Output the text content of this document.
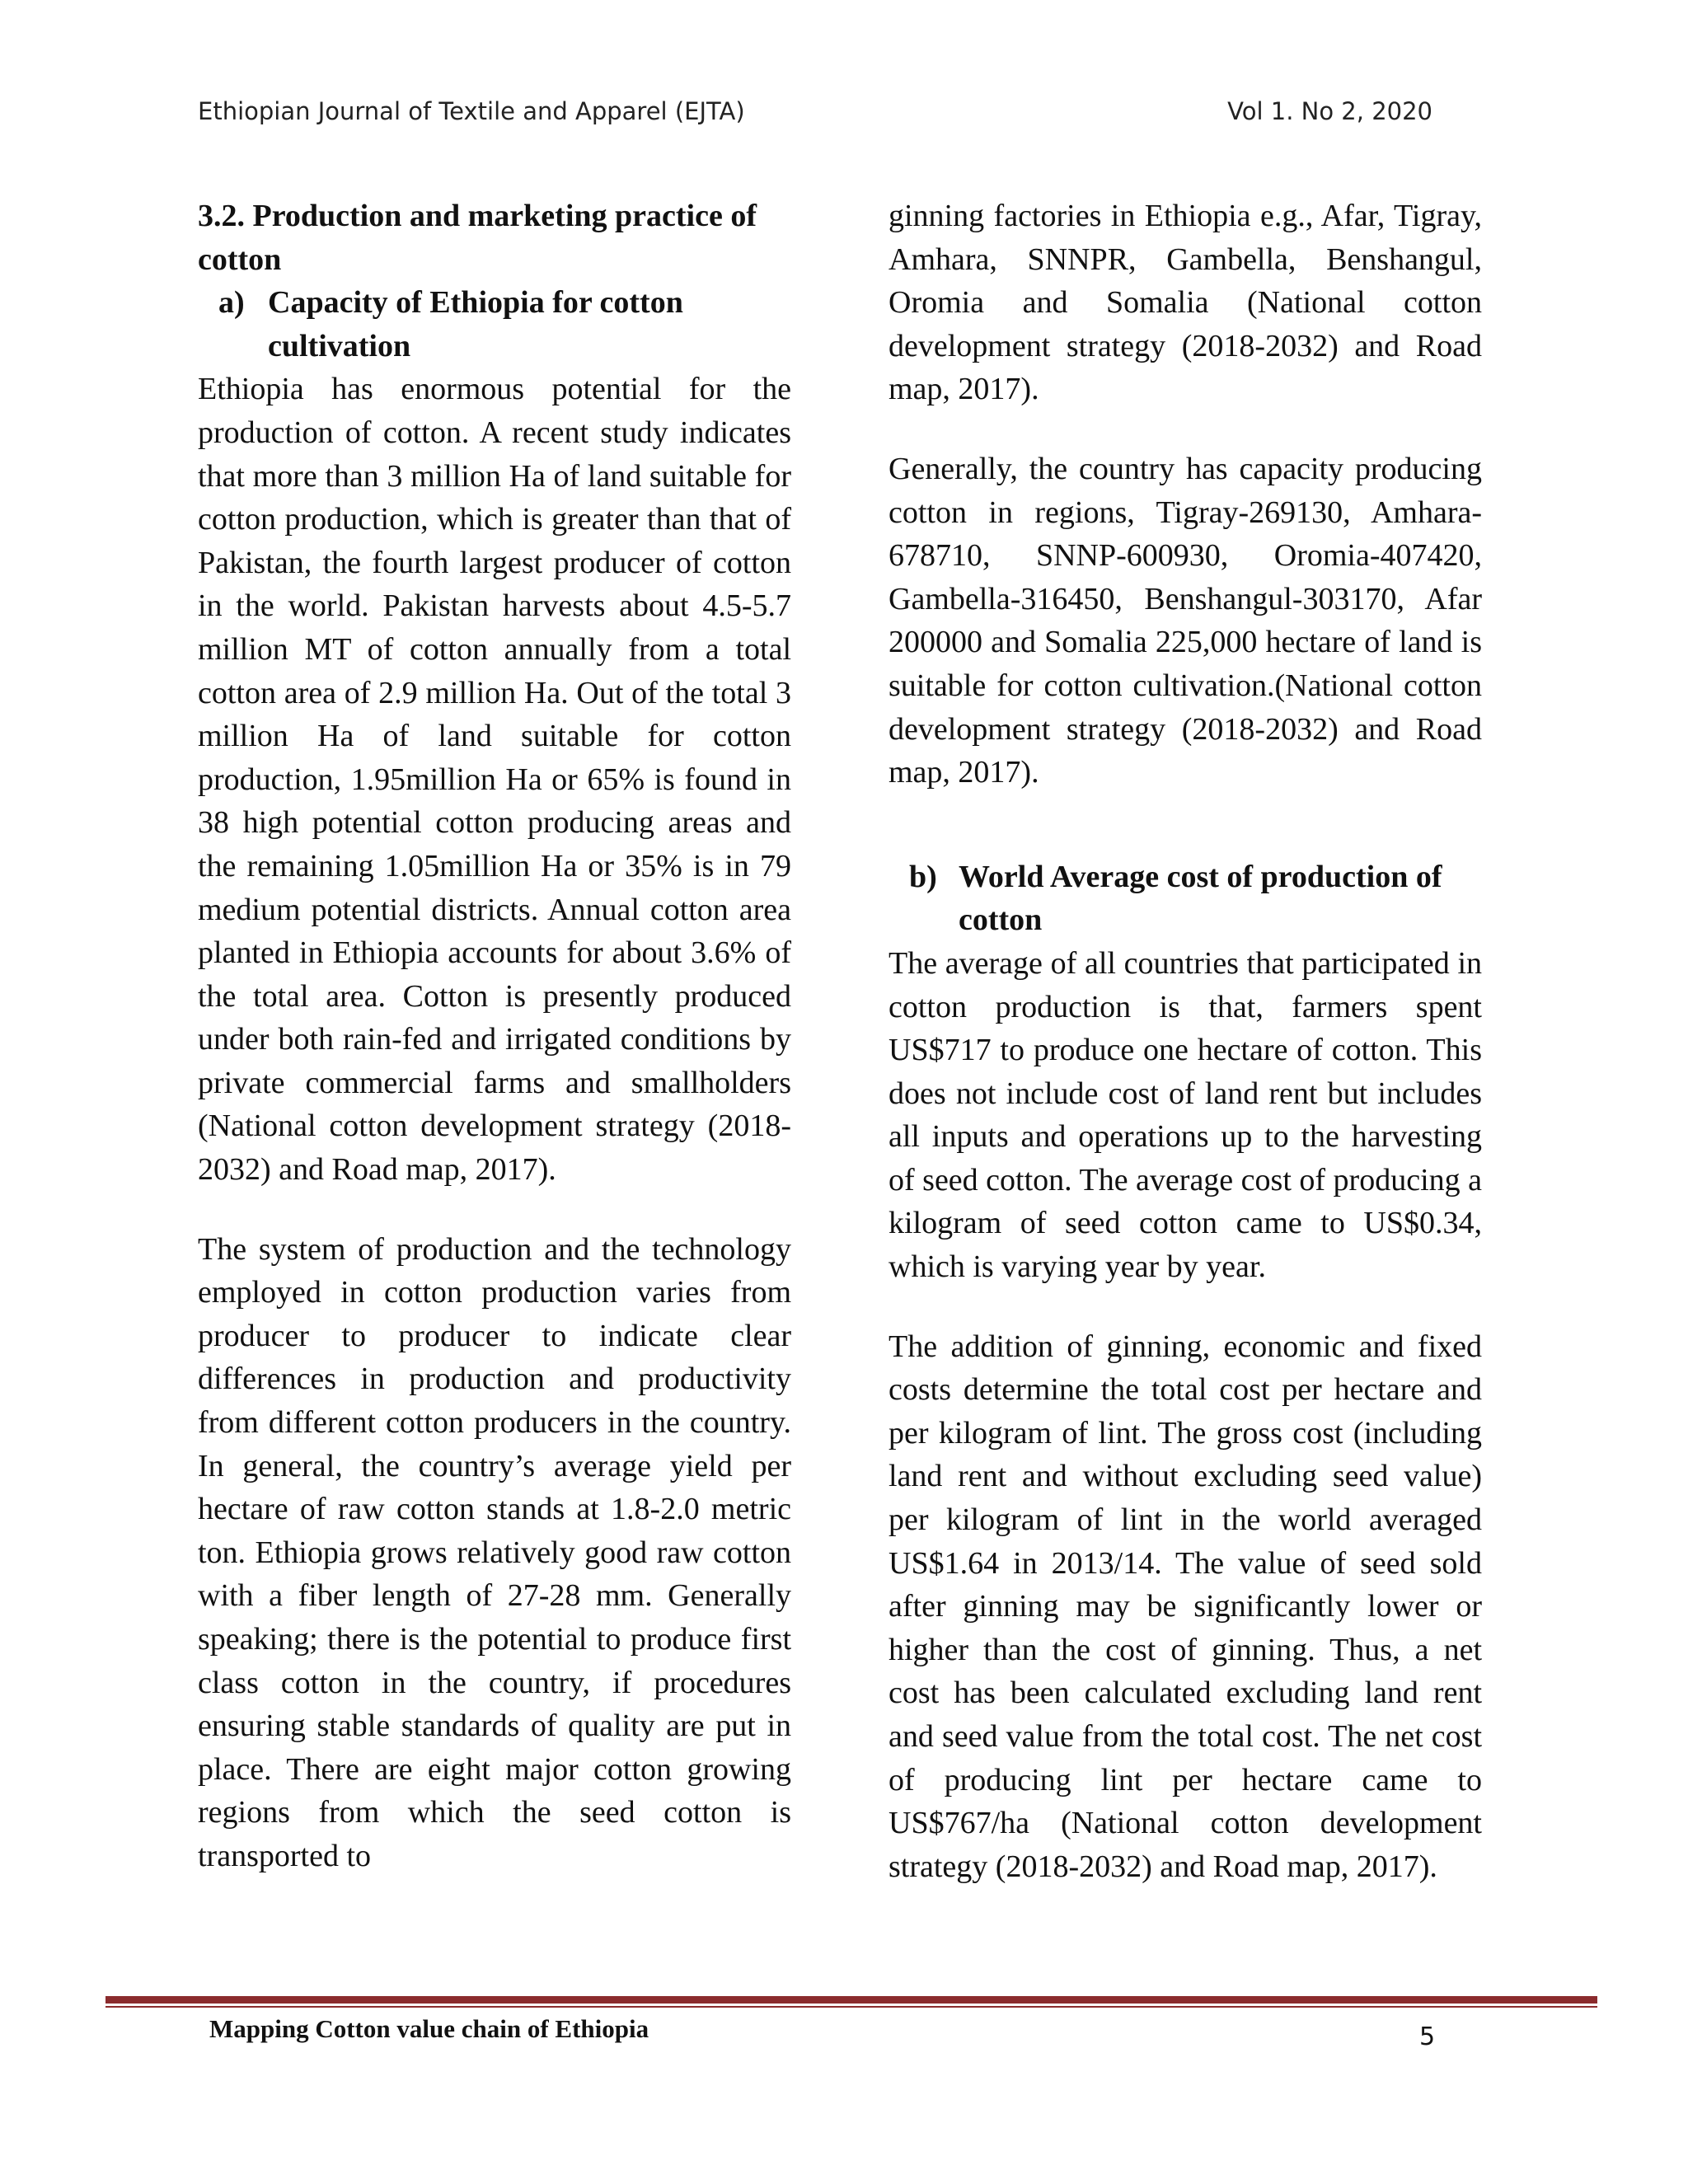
Ethiopian Journal of Textile and Apparel (EJTA)	Vol 1. No 2, 2020

3.2. Production and marketing practice of cotton

a) Capacity of Ethiopia for cotton cultivation

Ethiopia has enormous potential for the production of cotton. A recent study indicates that more than 3 million Ha of land suitable for cotton production, which is greater than that of Pakistan, the fourth largest producer of cotton in the world. Pakistan harvests about 4.5-5.7 million MT of cotton annually from a total cotton area of 2.9 million Ha. Out of the total 3 million Ha of land suitable for cotton production, 1.95million Ha or 65% is found in 38 high potential cotton producing areas and the remaining 1.05million Ha or 35% is in 79 medium potential districts. Annual cotton area planted in Ethiopia accounts for about 3.6% of the total area. Cotton is presently produced under both rain-fed and irrigated conditions by private commercial farms and smallholders (National cotton development strategy (2018-2032) and Road map, 2017).

The system of production and the technology employed in cotton production varies from producer to producer to indicate clear differences in production and productivity from different cotton producers in the country. In general, the country’s average yield per hectare of raw cotton stands at 1.8-2.0 metric ton. Ethiopia grows relatively good raw cotton with a fiber length of 27-28 mm. Generally speaking; there is the potential to produce first class cotton in the country, if procedures ensuring stable standards of quality are put in place. There are eight major cotton growing regions from which the seed cotton is transported to

ginning factories in Ethiopia e.g., Afar, Tigray, Amhara, SNNPR, Gambella, Benshangul, Oromia and Somalia (National cotton development strategy (2018-2032) and Road map, 2017).

Generally, the country has capacity producing cotton in regions, Tigray-269130, Amhara-678710, SNNP-600930, Oromia-407420, Gambella-316450, Benshangul-303170, Afar 200000 and Somalia 225,000 hectare of land is suitable for cotton cultivation.(National cotton development strategy (2018-2032) and Road map, 2017).

b) World Average cost of production of cotton

The average of all countries that participated in cotton production is that, farmers spent US$717 to produce one hectare of cotton. This does not include cost of land rent but includes all inputs and operations up to the harvesting of seed cotton. The average cost of producing a kilogram of seed cotton came to US$0.34, which is varying year by year.

The addition of ginning, economic and fixed costs determine the total cost per hectare and per kilogram of lint. The gross cost (including land rent and without excluding seed value) per kilogram of lint in the world averaged US$1.64 in 2013/14. The value of seed sold after ginning may be significantly lower or higher than the cost of ginning. Thus, a net cost has been calculated excluding land rent and seed value from the total cost. The net cost of producing lint per hectare came to US$767/ha (National cotton development strategy (2018-2032) and Road map, 2017).

Mapping Cotton value chain of Ethiopia	5
